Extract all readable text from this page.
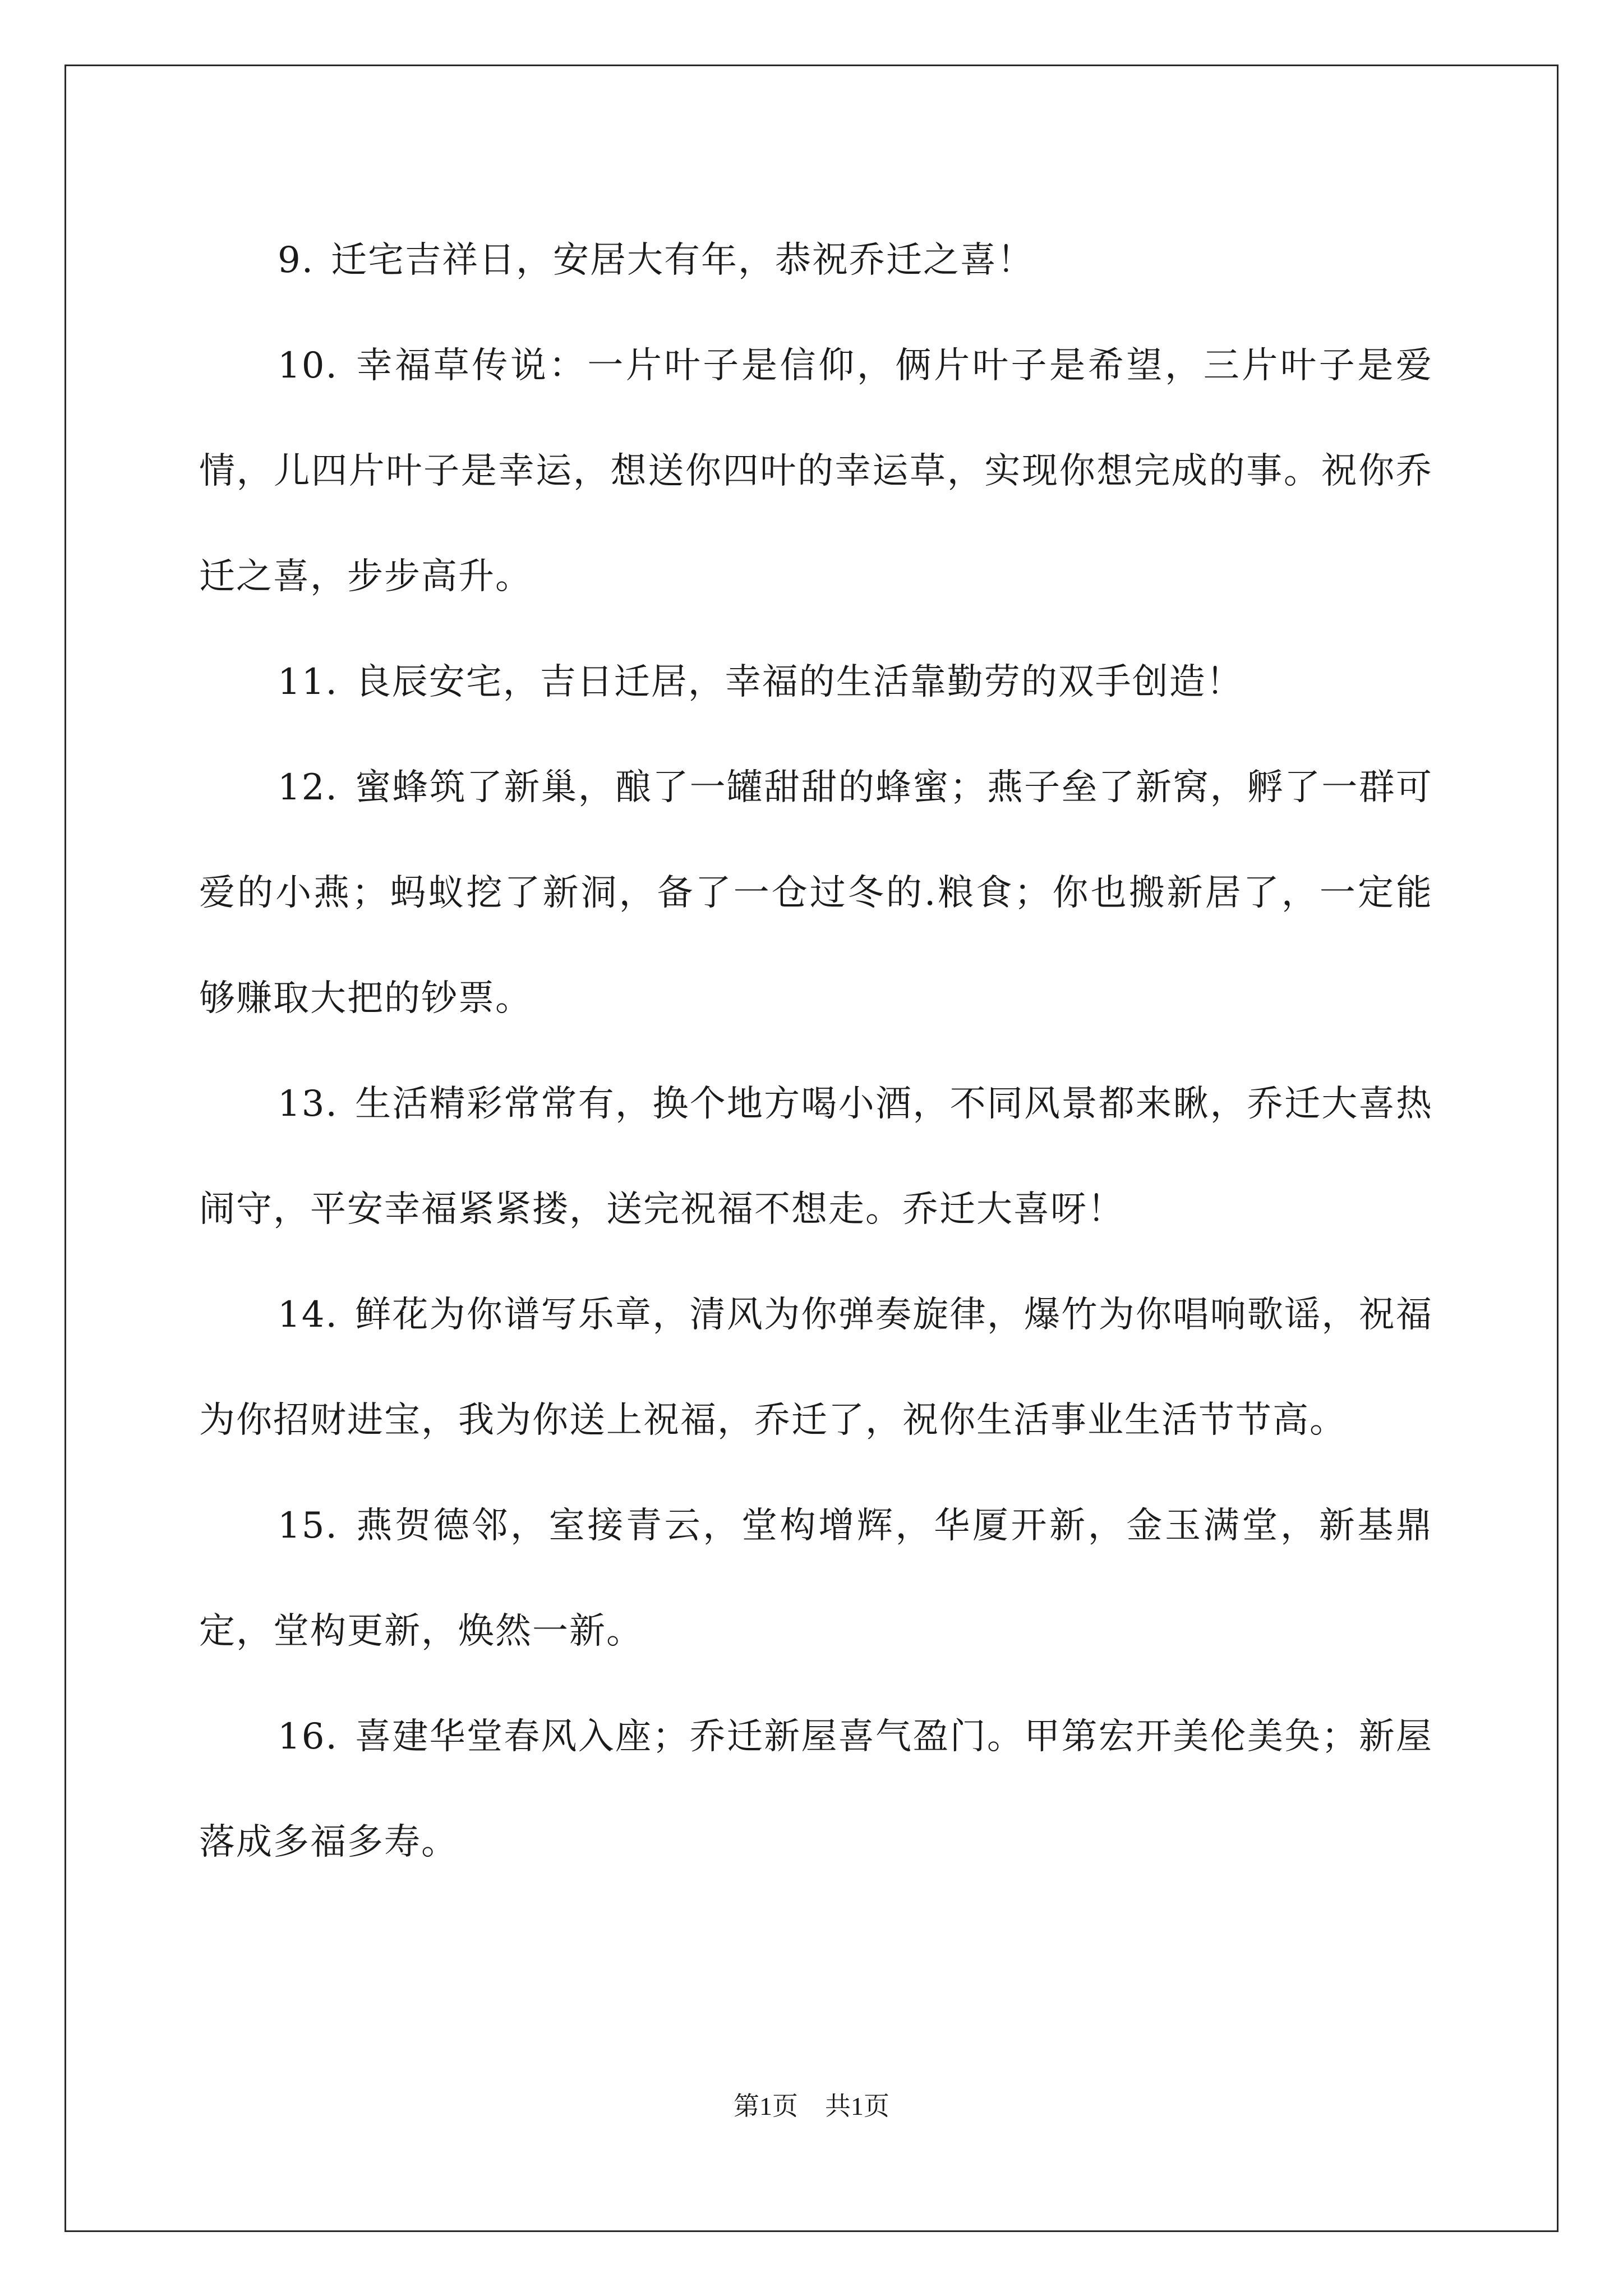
9. 迁宅吉祥日，安居大有年，恭祝乔迁之喜！

10. 幸福草传说：一片叶子是信仰，俩片叶子是希望，三片叶子是爱情，儿四片叶子是幸运，想送你四叶的幸运草，实现你想完成的事。祝你乔迁之喜，步步高升。

11. 良辰安宅，吉日迁居，幸福的生活靠勤劳的双手创造！

12. 蜜蜂筑了新巢，酿了一罐甜甜的蜂蜜；燕子垒了新窝，孵了一群可爱的小燕；蚂蚁挖了新洞，备了一仓过冬的.粮食；你也搬新居了，一定能够赚取大把的钞票。

13. 生活精彩常常有，换个地方喝小酒，不同风景都来瞅，乔迁大喜热闹守，平安幸福紧紧搂，送完祝福不想走。乔迁大喜呀！

14. 鲜花为你谱写乐章，清风为你弹奏旋律，爆竹为你唱响歌谣，祝福为你招财进宝，我为你送上祝福，乔迁了，祝你生活事业生活节节高。

15. 燕贺德邻，室接青云，堂构增辉，华厦开新，金玉满堂，新基鼎定，堂构更新，焕然一新。

16. 喜建华堂春风入座；乔迁新屋喜气盈门。甲第宏开美伦美奂；新屋落成多福多寿。

第1页 共1页
